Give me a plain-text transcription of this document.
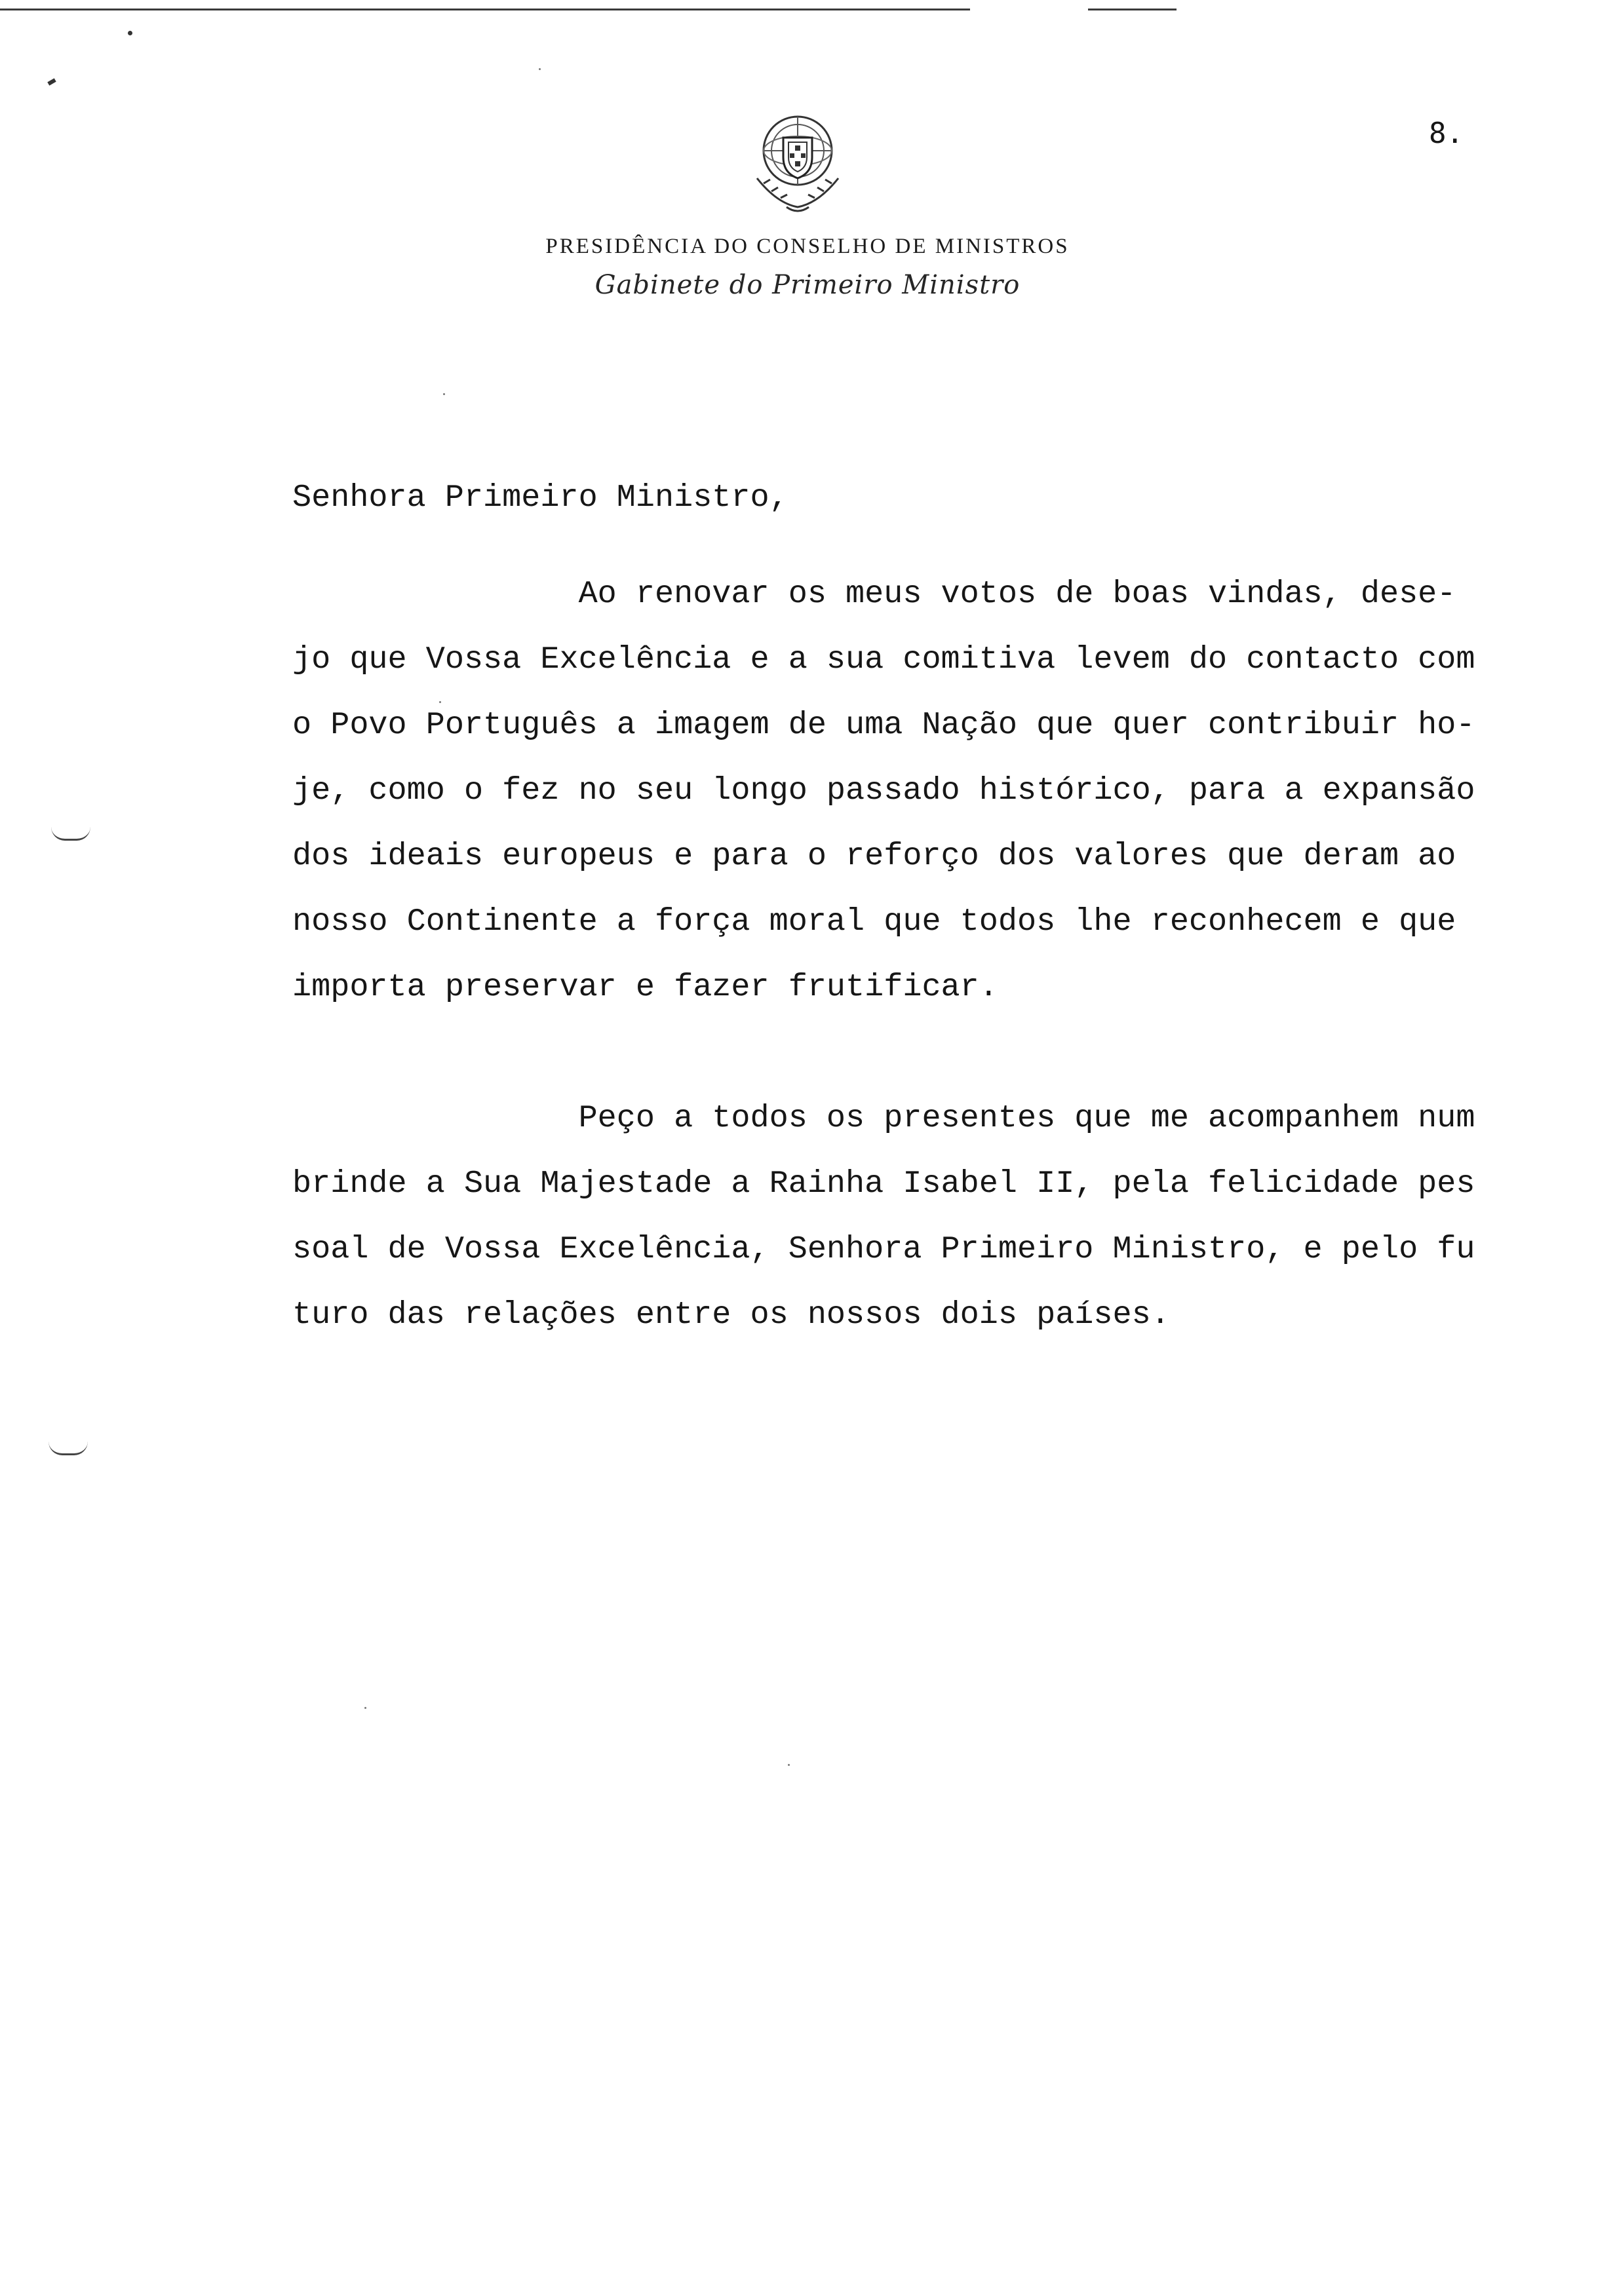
8.
PRESIDÊNCIA DO CONSELHO DE MINISTROS
Gabinete do Primeiro Ministro
Senhora Primeiro Ministro,
Ao renovar os meus votos de boas vindas, dese-
jo que Vossa Excelência e a sua comitiva levem do contacto com
o Povo Português a imagem de uma Nação que quer contribuir ho-
je, como o fez no seu longo passado histórico, para a expansão
dos ideais europeus e para o reforço dos valores que deram ao
nosso Continente a força moral que todos lhe reconhecem e que
importa preservar e fazer frutificar.
Peço a todos os presentes que me acompanhem num
brinde a Sua Majestade a Rainha Isabel II, pela felicidade pes
soal de Vossa Excelência, Senhora Primeiro Ministro, e pelo fu
turo das relações entre os nossos dois países.
